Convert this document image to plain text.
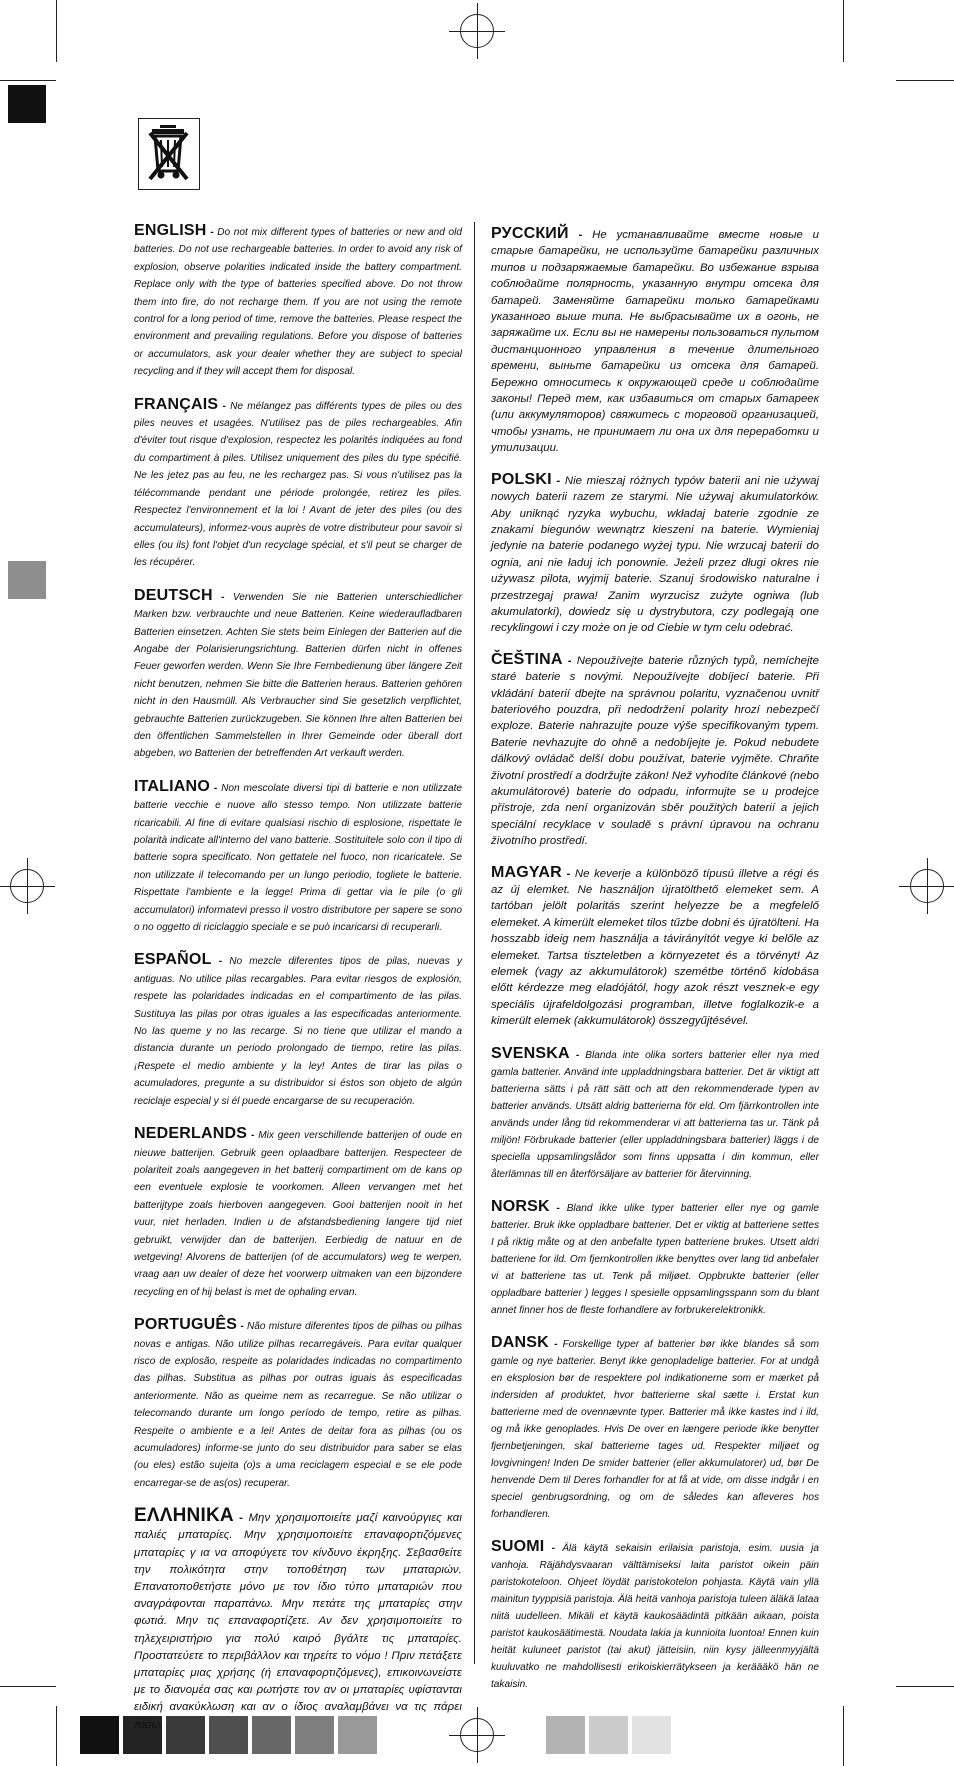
ENGLISH - Do not mix different types of batteries or new and old batteries. Do not use rechargeable batteries. In order to avoid any risk of explosion, observe polarities indicated inside the battery compartment. Replace only with the type of batteries specified above. Do not throw them into fire, do not recharge them. If you are not using the remote control for a long period of time, remove the batteries. Please respect the environment and prevailing regulations. Before you dispose of batteries or accumulators, ask your dealer whether they are subject to special recycling and if they will accept them for disposal.

FRANÇAIS - Ne mélangez pas différents types de piles ou des piles neuves et usagées. N'utilisez pas de piles rechargeables. Afin d'éviter tout risque d'explosion, respectez les polarités indiquées au fond du compartiment à piles. Utilisez uniquement des piles du type spécifié. Ne les jetez pas au feu, ne les rechargez pas. Si vous n'utilisez pas la télécommande pendant une période prolongée, retirez les piles. Respectez l'environnement et la loi ! Avant de jeter des piles (ou des accumulateurs), informez-vous auprès de votre distributeur pour savoir si elles (ou ils) font l'objet d'un recyclage spécial, et s'il peut se charger de les récupérer.

DEUTSCH - Verwenden Sie nie Batterien unterschiedlicher Marken bzw. verbrauchte und neue Batterien. Keine wiederaufladbaren Batterien einsetzen. Achten Sie stets beim Einlegen der Batterien auf die Angabe der Polarisierungsrichtung. Batterien dürfen nicht in offenes Feuer geworfen werden. Wenn Sie Ihre Fernbedienung über längere Zeit nicht benutzen, nehmen Sie bitte die Batterien heraus. Batterien gehören nicht in den Hausmüll. Als Verbraucher sind Sie gesetzlich verpflichtet, gebrauchte Batterien zurückzugeben. Sie können Ihre alten Batterien bei den öffentlichen Sammelstellen in Ihrer Gemeinde oder überall dort abgeben, wo Batterien der betreffenden Art verkauft werden.

ITALIANO - Non mescolate diversi tipi di batterie e non utilizzate batterie vecchie e nuove allo stesso tempo. Non utilizzate batterie ricaricabili. Al fine di evitare qualsiasi rischio di esplosione, rispettate le polarità indicate all'interno del vano batterie. Sostituitele solo con il tipo di batterie sopra specificato. Non gettatele nel fuoco, non ricaricatele. Se non utilizzate il telecomando per un lungo periodio, togliete le batterie. Rispettate l'ambiente e la legge! Prima di gettar via le pile (o gli accumulatori) informatevi presso il vostro distributore per sapere se sono o no oggetto di riciclaggio speciale e se può incaricarsi di recuperarli.

ESPAÑOL - No mezcle diferentes tipos de pilas, nuevas y antiguas. No utilice pilas recargables. Para evitar riesgos de explosión, respete las polaridades indicadas en el compartimento de las pilas. Sustituya las pilas por otras iguales a las especificadas anteriormente. No las queme y no las recarge. Si no tiene que utilizar el mando a distancia durante un periodo prolongado de tiempo, retire las pilas. ¡Respete el medio ambiente y la ley! Antes de tirar las pilas o acumuladores, pregunte a su distribuidor si éstos son objeto de algún reciclaje especial y si él puede encargarse de su recuperación.

NEDERLANDS - Mix geen verschillende batterijen of oude en nieuwe batterijen. Gebruik geen oplaadbare batterijen. Respecteer de polariteit zoals aangegeven in het batterij compartiment om de kans op een eventuele explosie te voorkomen. Alleen vervangen met het batterijtype zoals hierboven aangegeven. Gooi batterijen nooit in het vuur, niet herladen. Indien u de afstandsbediening langere tijd niet gebruikt, verwijder dan de batterijen. Eerbiedig de natuur en de wetgeving! Alvorens de batterijen (of de accumulators) weg te werpen, vraag aan uw dealer of deze het voorwerp uitmaken van een bijzondere recycling en of hij belast is met de ophaling ervan.

PORTUGUÊS - Não misture diferentes tipos de pilhas ou pilhas novas e antigas. Não utilize pilhas recarregáveis. Para evitar qualquer risco de explosão, respeite as polaridades indicadas no compartimento das pilhas. Substitua as pilhas por outras iguais às especificadas anteriormente. Não as queime nem as recarregue. Se não utilizar o telecomando durante um longo período de tempo, retire as pilhas. Respeite o ambiente e a lei! Antes de deitar fora as pilhas (ou os acumuladores) informe-se junto do seu distribuidor para saber se elas (ou eles) estão sujeita (o)s a uma reciclagem especial e se ele pode encarregar-se de as(os) recuperar.

ΕΛΛΗΝΙΚΑ - Μην χρησιμοποιείτε μαζί καινούργιες και παλιές μπαταρίες. Μην χρησιμοποιείτε επαναφορτιζόμενες μπαταρίες γ ια να αποφύγετε τον κίνδυνο έκρηξης. Σεβασθείτε την πολικότητα στην τοποθέτηση των μπαταριών. Επανατοποθετήστε μόνο με τον ίδιο τύπο μπαταριών που αναγράφονται παραπάνω. Μην πετάτε της μπαταρίες στην φωτιά. Μην τις επαναφορτίζετε. Αν δεν χρησιμοποιείτε το τηλεχειριστήριο για πολύ καιρό βγάλτε τις μπαταρίες. Προστατεύετε το περιβάλλον και τηρείτε το νόμο ! Πριν πετάξετε μπαταρίες μιας χρήσης (ή επαναφορτιζόμενες), επικοινωνείστε με το διανομέα σας και ρωτήστε τον αν οι μπαταρίες υφίστανται ειδική ανακύκλωση και αν ο ίδιος αναλαμβάνει να τις πάρει πίσω.

РУССКИЙ - Не устанавливайте вместе новые и старые батарейки, не используйте батарейки различных типов и подзаряжаемые батарейки. Во избежание взрыва соблюдайте полярность, указанную внутри отсека для батарей. Заменяйте батарейки только батарейками указанного выше типа. Не выбрасывайте их в огонь, не заряжайте их. Если вы не намерены пользоваться пультом дистанционного управления в течение длительного времени, выньте батарейки из отсека для батарей. Бережно относитесь к окружающей среде и соблюдайте законы! Перед тем, как избавиться от старых батареек (или аккумуляторов) свяжитесь с торговой организацией, чтобы узнать, не принимает ли она их для переработки и утилизации.

POLSKI - Nie mieszaj różnych typów baterii ani nie używaj nowych baterii razem ze starymi. Nie używaj akumulatorków. Aby uniknąć ryzyka wybuchu, wkładaj baterie zgodnie ze znakami biegunów wewnątrz kieszeni na baterie. Wymieniaj jedynie na baterie podanego wyżej typu. Nie wrzucaj baterii do ognia, ani nie ładuj ich ponownie. Jeżeli przez długi okres nie używasz pilota, wyjmij baterie. Szanuj środowisko naturalne i przestrzegaj prawa! Zanim wyrzucisz zużyte ogniwa (lub akumulatorki), dowiedz się u dystrybutora, czy podlegają one recyklingowi i czy może on je od Ciebie w tym celu odebrać.

ČEŠTINA - Nepoužívejte baterie různých typů, nemíchejte staré baterie s novými. Nepoužívejte dobíjecí baterie. Při vkládání baterií dbejte na správnou polaritu, vyznačenou uvnitř bateriového pouzdra, při nedodržení polarity hrozí nebezpečí exploze. Baterie nahrazujte pouze výše specifikovaným typem. Baterie nevhazujte do ohně a nedobíjejte je. Pokud nebudete dálkový ovládač delší dobu používat, baterie vyjměte. Chraňte životní prostředí a dodržujte zákon! Než vyhodíte článkové (nebo akumulátorové) baterie do odpadu, informujte se u prodejce přístroje, zda není organizován sběr použitých baterií a jejich speciální recyklace v souladě s právní úpravou na ochranu životního prostředí.

MAGYAR - Ne keverje a különböző típusú illetve a régi és az új elemket. Ne használjon újratölthető elemeket sem. A tartóban jelölt polaritás szerint helyezze be a megfelelő elemeket. A kimerült elemeket tilos tűzbe dobni és újratölteni. Ha hosszabb ideig nem használja a távirányítót vegye ki belőle az elemeket. Tartsa tiszteletben a környezetet és a törvényt! Az elemek (vagy az akkumulátorok) szemétbe történő kidobása előtt kérdezze meg eladójától, hogy azok részt vesznek-e egy speciális újrafeldolgozási programban, illetve foglalkozik-e a kimerült elemek (akkumulátorok) összegyűjtésével.

SVENSKA - Blanda inte olika sorters batterier eller nya med gamla batterier. Använd inte uppladdningsbara batterier. Det är viktigt att batterierna sätts i på rätt sätt och att den rekommenderade typen av batterier används. Utsätt aldrig batterierna för eld. Om fjärrkontrollen inte används under lång tid rekommenderar vi att batterierna tas ur. Tänk på miljön! Förbrukade batterier (eller uppladdningsbara batterier) läggs i de speciella uppsamlingslådor som finns uppsatta i din kommun, eller återlämnas till en återförsäljare av batterier för återvinning.

NORSK - Bland ikke ulike typer batterier eller nye og gamle batterier. Bruk ikke oppladbare batterier. Det er viktig at batteriene settes I på riktig måte og at den anbefalte typen batteriene brukes. Utsett aldri batteriene for ild. Om fjernkontrollen ikke benyttes over lang tid anbefaler vi at batteriene tas ut. Tenk på miljøet. Oppbrukte batterier (eller oppladbare batterier ) legges I spesielle oppsamlingsspann som du blant annet finner hos de fleste forhandlere av forbrukerelektronikk.

DANSK - Forskellige typer af batterier bør ikke blandes så som gamle og nye batterier. Benyt ikke genopladelige batterier. For at undgå en eksplosion bør de respektere pol indikationerne som er mærket på indersiden af produktet, hvor batterierne skal sætte i. Erstat kun batterierne med de ovennævnte typer. Batterier må ikke kastes ind i ild, og må ikke genoplades. Hvis De over en længere periode ikke benytter fjernbetjeningen, skal batterierne tages ud. Respekter miljøet og lovgivningen! Inden De smider batterier (eller akkumulatorer) ud, bør De henvende Dem til Deres forhandler for at få at vide, om disse indgår i en speciel genbrugsordning, og om de således kan afleveres hos forhandleren.

SUOMI - Älä käytä sekaisin erilaisia paristoja, esim. uusia ja vanhoja. Räjähdysvaaran välttämiseksi laita paristot oikein päin paristokoteloon. Ohjeet löydät paristokotelon pohjasta. Käytä vain yllä mainitun tyyppisiä paristoja. Älä heitä vanhoja paristoja tuleen äläkä lataa niitä uudelleen. Mikäli et käytä kaukosäädintä pitkään aikaan, poista paristot kaukosäätimestä. Noudata lakia ja kunnioita luontoa! Ennen kuin heität kuluneet paristot (tai akut) jätteisiin, niin kysy jälleenmyyjältä kuuluvatko ne mahdollisesti erikoiskierrätykseen ja keräääkö hän ne takaisin.
